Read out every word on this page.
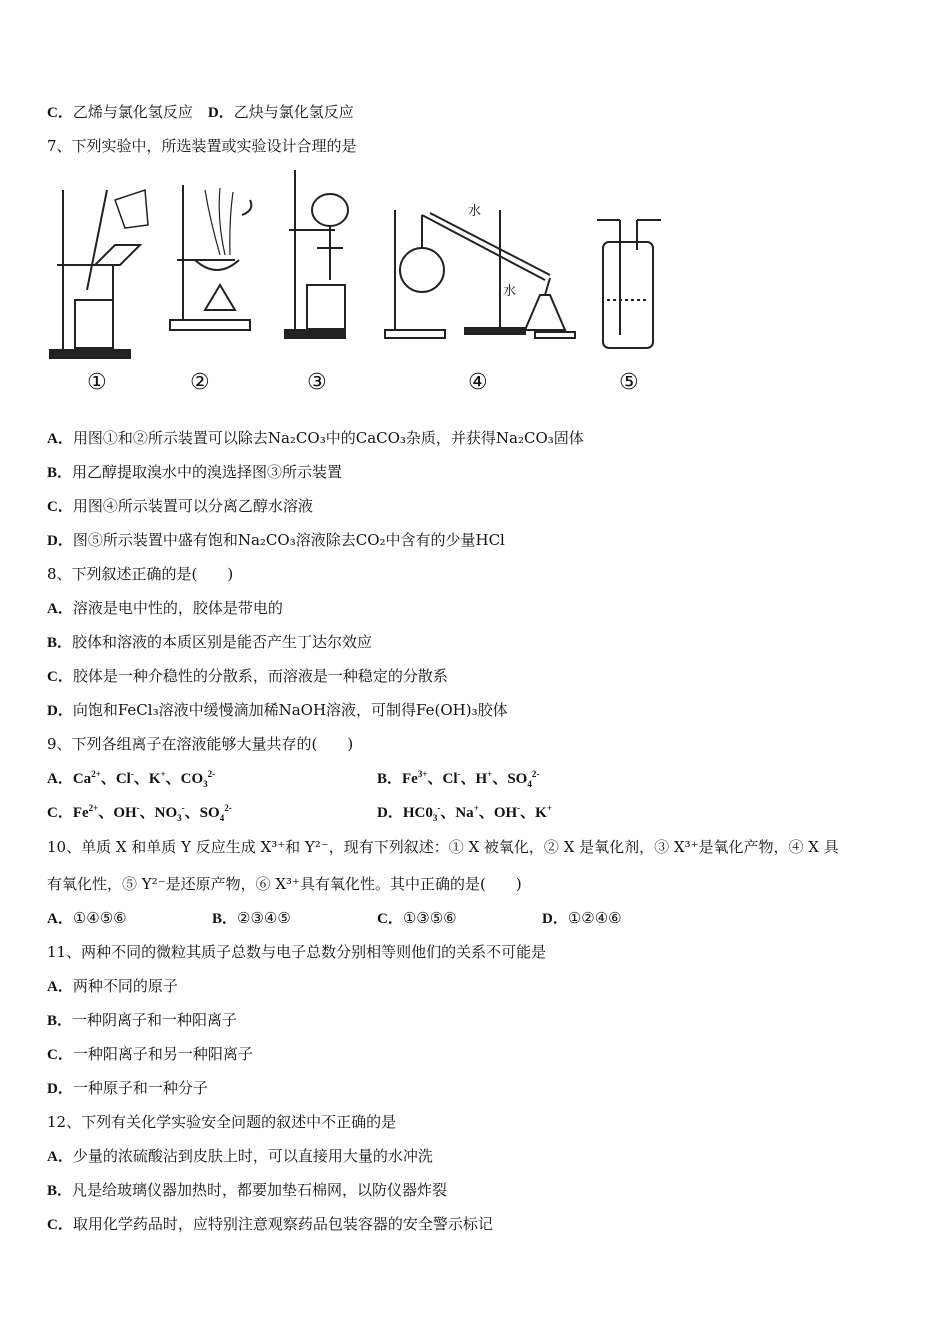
C．乙烯与氯化氢反应　 D．乙炔与氯化氢反应
7、下列实验中，所选装置或实验设计合理的是
①	②	③	④	⑤
水
水
A．用图①和②所示装置可以除去Na₂CO₃中的CaCO₃杂质，并获得Na₂CO₃固体
B．用乙醇提取溴水中的溴选择图③所示装置
C．用图④所示装置可以分离乙醇水溶液
D．图⑤所示装置中盛有饱和Na₂CO₃溶液除去CO₂中含有的少量HCl
8、下列叙述正确的是(　　)
A．溶液是电中性的，胶体是带电的
B．胶体和溶液的本质区别是能否产生丁达尔效应
C．胶体是一种介稳性的分散系，而溶液是一种稳定的分散系
D．向饱和FeCl₃溶液中缓慢滴加稀NaOH溶液，可制得Fe(OH)₃胶体
9、下列各组离子在溶液能够大量共存的(　　)
A．$Ca^{2+}$、Cl-、K+、$CO_3^{2-}$	B．$Fe^{3+}$、Cl-、H+、$SO_4^{2-}$
C．$Fe^{2+}$、OH-、$NO_3^-$、$SO_4^{2-}$	D．$HC0_3^-$、Na+、OH-、K+
10、单质 X 和单质 Y 反应生成 X³⁺和 Y²⁻，现有下列叙述：① X 被氧化，② X 是氧化剂，③ X³⁺是氧化产物，④ X 具
有氧化性，⑤ Y²⁻是还原产物，⑥ X³⁺具有氧化性。其中正确的是(　　)
A．①④⑤⑥	B．②③④⑤	C．①③⑤⑥	D．①②④⑥
11、两种不同的微粒其质子总数与电子总数分别相等则他们的关系不可能是
A．两种不同的原子
B．一种阴离子和一种阳离子
C．一种阳离子和另一种阳离子
D．一种原子和一种分子
12、下列有关化学实验安全问题的叙述中不正确的是
A．少量的浓硫酸沾到皮肤上时，可以直接用大量的水冲洗
B．凡是给玻璃仪器加热时，都要加垫石棉网，以防仪器炸裂
C．取用化学药品时，应特别注意观察药品包装容器的安全警示标记
